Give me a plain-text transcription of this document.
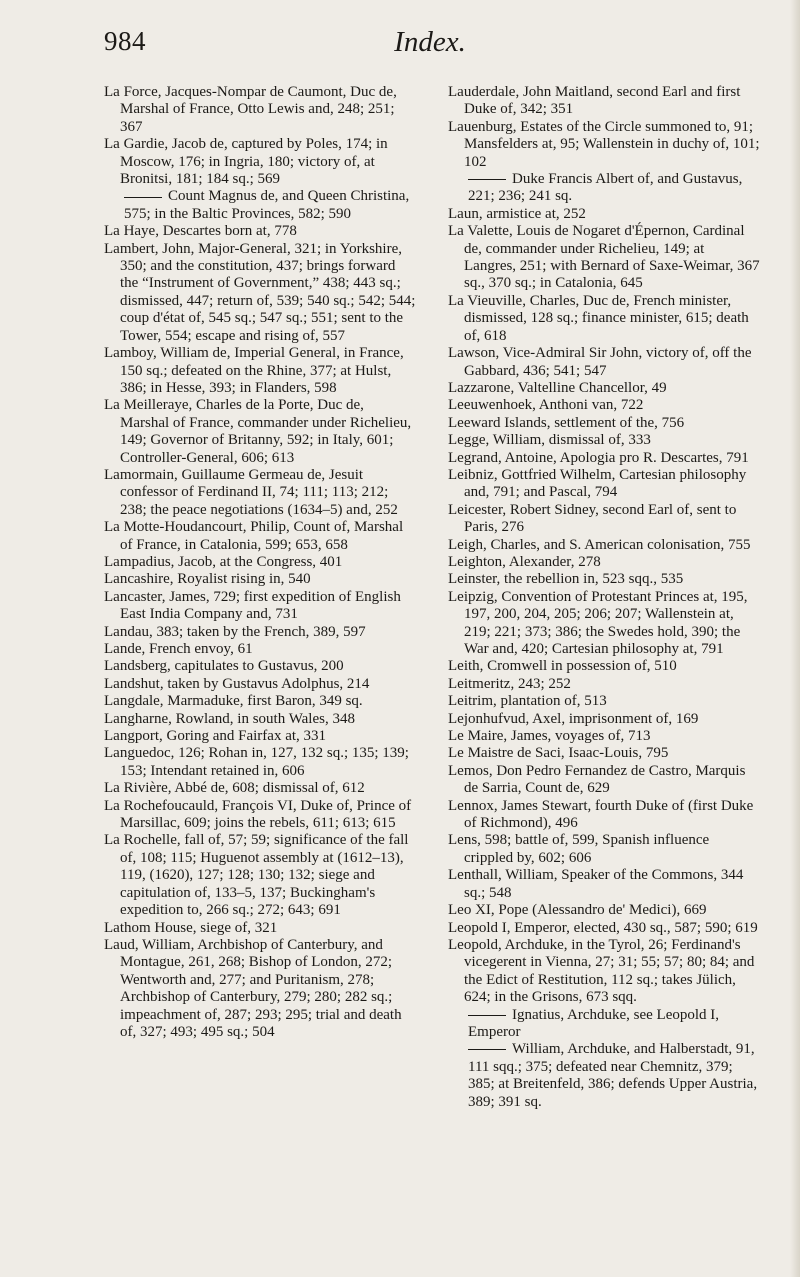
984	Index.

La Force, Jacques-Nompar de Caumont, Duc de, Marshal of France, Otto Lewis and, 248; 251; 367

La Gardie, Jacob de, captured by Poles, 174; in Moscow, 176; in Ingria, 180; victory of, at Bronitsi, 181; 184 sq.; 569

Count Magnus de, and Queen Christina, 575; in the Baltic Provinces, 582; 590

La Haye, Descartes born at, 778

Lambert, John, Major-General, 321; in Yorkshire, 350; and the constitution, 437; brings forward the “Instrument of Government,” 438; 443 sq.; dismissed, 447; return of, 539; 540 sq.; 542; 544; coup d'état of, 545 sq.; 547 sq.; 551; sent to the Tower, 554; escape and rising of, 557

Lamboy, William de, Imperial General, in France, 150 sq.; defeated on the Rhine, 377; at Hulst, 386; in Hesse, 393; in Flanders, 598

La Meilleraye, Charles de la Porte, Duc de, Marshal of France, commander under Richelieu, 149; Governor of Britanny, 592; in Italy, 601; Controller-General, 606; 613

Lamormain, Guillaume Germeau de, Jesuit confessor of Ferdinand II, 74; 111; 113; 212; 238; the peace negotiations (1634–5) and, 252

La Motte-Houdancourt, Philip, Count of, Marshal of France, in Catalonia, 599; 653, 658

Lampadius, Jacob, at the Congress, 401

Lancashire, Royalist rising in, 540

Lancaster, James, 729; first expedition of English East India Company and, 731

Landau, 383; taken by the French, 389, 597

Lande, French envoy, 61

Landsberg, capitulates to Gustavus, 200

Landshut, taken by Gustavus Adolphus, 214

Langdale, Marmaduke, first Baron, 349 sq.

Langharne, Rowland, in south Wales, 348

Langport, Goring and Fairfax at, 331

Languedoc, 126; Rohan in, 127, 132 sq.; 135; 139; 153; Intendant retained in, 606

La Rivière, Abbé de, 608; dismissal of, 612

La Rochefoucauld, François VI, Duke of, Prince of Marsillac, 609; joins the rebels, 611; 613; 615

La Rochelle, fall of, 57; 59; significance of the fall of, 108; 115; Huguenot assembly at (1612–13), 119, (1620), 127; 128; 130; 132; siege and capitulation of, 133–5, 137; Buckingham's expedition to, 266 sq.; 272; 643; 691

Lathom House, siege of, 321

Laud, William, Archbishop of Canterbury, and Montague, 261, 268; Bishop of London, 272; Wentworth and, 277; and Puritanism, 278; Archbishop of Canterbury, 279; 280; 282 sq.; impeachment of, 287; 293; 295; trial and death of, 327; 493; 495 sq.; 504

Lauderdale, John Maitland, second Earl and first Duke of, 342; 351

Lauenburg, Estates of the Circle summoned to, 91; Mansfelders at, 95; Wallenstein in duchy of, 101; 102

Duke Francis Albert of, and Gustavus, 221; 236; 241 sq.

Laun, armistice at, 252

La Valette, Louis de Nogaret d'Épernon, Cardinal de, commander under Richelieu, 149; at Langres, 251; with Bernard of Saxe-Weimar, 367 sq., 370 sq.; in Catalonia, 645

La Vieuville, Charles, Duc de, French minister, dismissed, 128 sq.; finance minister, 615; death of, 618

Lawson, Vice-Admiral Sir John, victory of, off the Gabbard, 436; 541; 547

Lazzarone, Valtelline Chancellor, 49

Leeuwenhoek, Anthoni van, 722

Leeward Islands, settlement of the, 756

Legge, William, dismissal of, 333

Legrand, Antoine, Apologia pro R. Descartes, 791

Leibniz, Gottfried Wilhelm, Cartesian philosophy and, 791; and Pascal, 794

Leicester, Robert Sidney, second Earl of, sent to Paris, 276

Leigh, Charles, and S. American colonisation, 755

Leighton, Alexander, 278

Leinster, the rebellion in, 523 sqq., 535

Leipzig, Convention of Protestant Princes at, 195, 197, 200, 204, 205; 206; 207; Wallenstein at, 219; 221; 373; 386; the Swedes hold, 390; the War and, 420; Cartesian philosophy at, 791

Leith, Cromwell in possession of, 510

Leitmeritz, 243; 252

Leitrim, plantation of, 513

Lejonhufvud, Axel, imprisonment of, 169

Le Maire, James, voyages of, 713

Le Maistre de Saci, Isaac-Louis, 795

Lemos, Don Pedro Fernandez de Castro, Marquis de Sarria, Count de, 629

Lennox, James Stewart, fourth Duke of (first Duke of Richmond), 496

Lens, 598; battle of, 599, Spanish influence crippled by, 602; 606

Lenthall, William, Speaker of the Commons, 344 sq.; 548

Leo XI, Pope (Alessandro de' Medici), 669

Leopold I, Emperor, elected, 430 sq., 587; 590; 619

Leopold, Archduke, in the Tyrol, 26; Ferdinand's vicegerent in Vienna, 27; 31; 55; 57; 80; 84; and the Edict of Restitution, 112 sq.; takes Jülich, 624; in the Grisons, 673 sqq.

Ignatius, Archduke, see Leopold I, Emperor

William, Archduke, and Halberstadt, 91, 111 sqq.; 375; defeated near Chemnitz, 379; 385; at Breitenfeld, 386; defends Upper Austria, 389; 391 sq.
